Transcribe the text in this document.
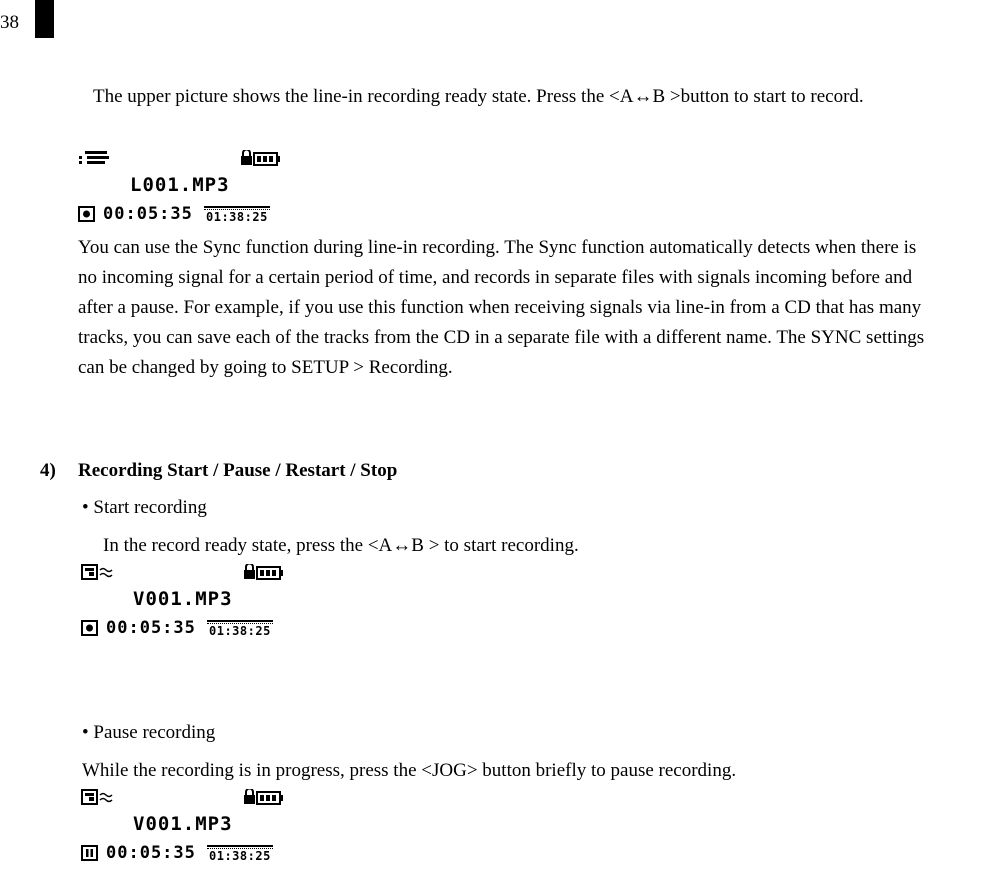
38
The upper picture shows the line-in recording ready state. Press the <A↔B >button to start to record.
L001.MP3
00:05:35 01:38:25
You can use the Sync function during line-in recording. The Sync function automatically detects when there is
no incoming signal for a certain period of time, and records in separate files with signals incoming before and
after a pause. For example, if you use this function when receiving signals via line-in from a CD that has many
tracks, you can save each of the tracks from the CD in a separate file with a different name. The SYNC settings
can be changed by going to SETUP > Recording.
4) Recording Start / Pause / Restart / Stop
• Start recording
In the record ready state, press the <A↔B > to start recording.
V001.MP3
00:05:35 01:38:25
• Pause recording
While the recording is in progress, press the <JOG> button briefly to pause recording.
V001.MP3
00:05:35 01:38:25
